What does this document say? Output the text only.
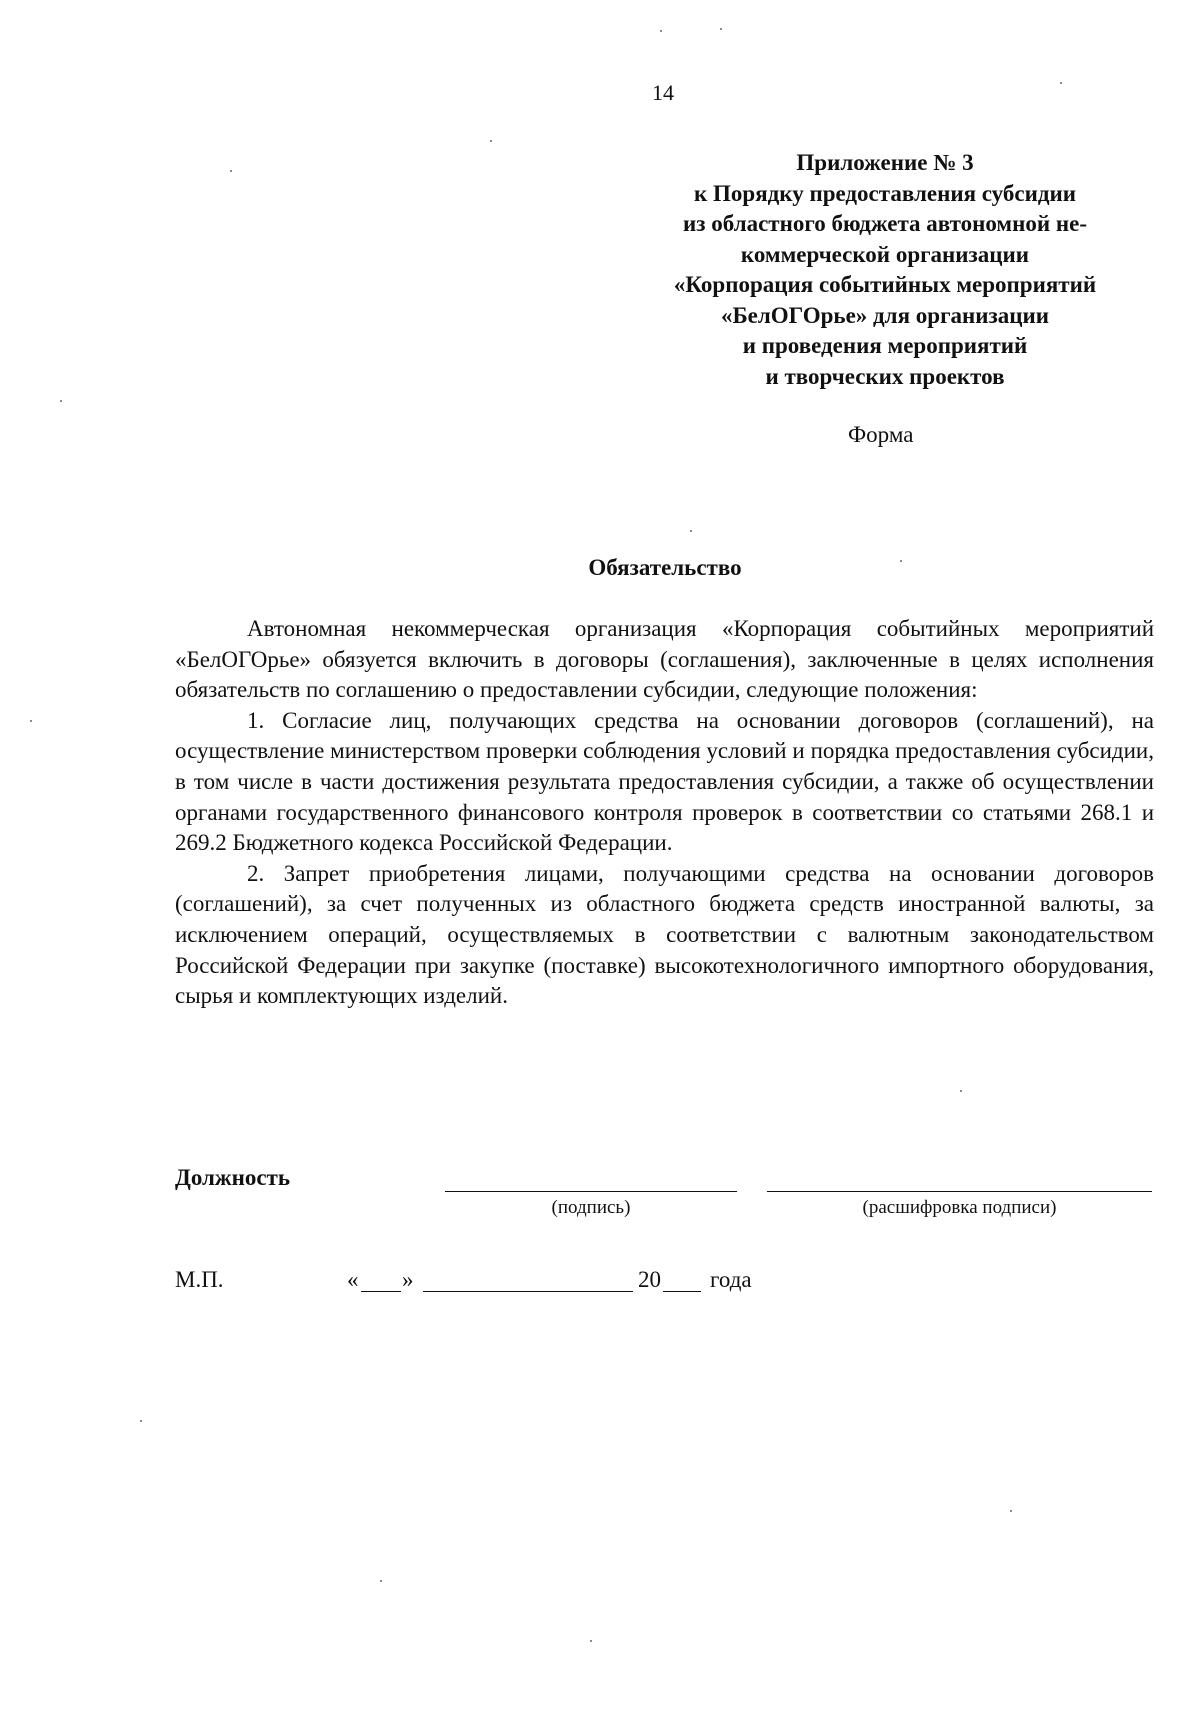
14
Приложение № 3
к Порядку предоставления субсидии
из областного бюджета автономной не-
коммерческой организации
«Корпорация событийных мероприятий
«БелОГОрье» для организации
и проведения мероприятий
и творческих проектов
Форма
Обязательство

Автономная некоммерческая организация «Корпорация событийных мероприятий «БелОГОрье» обязуется включить в договоры (соглашения), заключенные в целях исполнения обязательств по соглашению о предоставлении субсидии, следующие положения:

1. Согласие лиц, получающих средства на основании договоров (соглашений), на осуществление министерством проверки соблюдения условий и порядка предоставления субсидии, в том числе в части достижения результата предоставления субсидии, а также об осуществлении органами государственного финансового контроля проверок в соответствии со статьями 268.1 и 269.2 Бюджетного кодекса Российской Федерации.

2. Запрет приобретения лицами, получающими средства на основании договоров (соглашений), за счет полученных из областного бюджета средств иностранной валюты, за исключением операций, осуществляемых в соответствии с валютным законодательством Российской Федерации при закупке (поставке) высокотехнологичного импортного оборудования, сырья и комплектующих изделий.

Должность
(подпись)	(расшифровка подписи)
М.П.	« »	20 года
